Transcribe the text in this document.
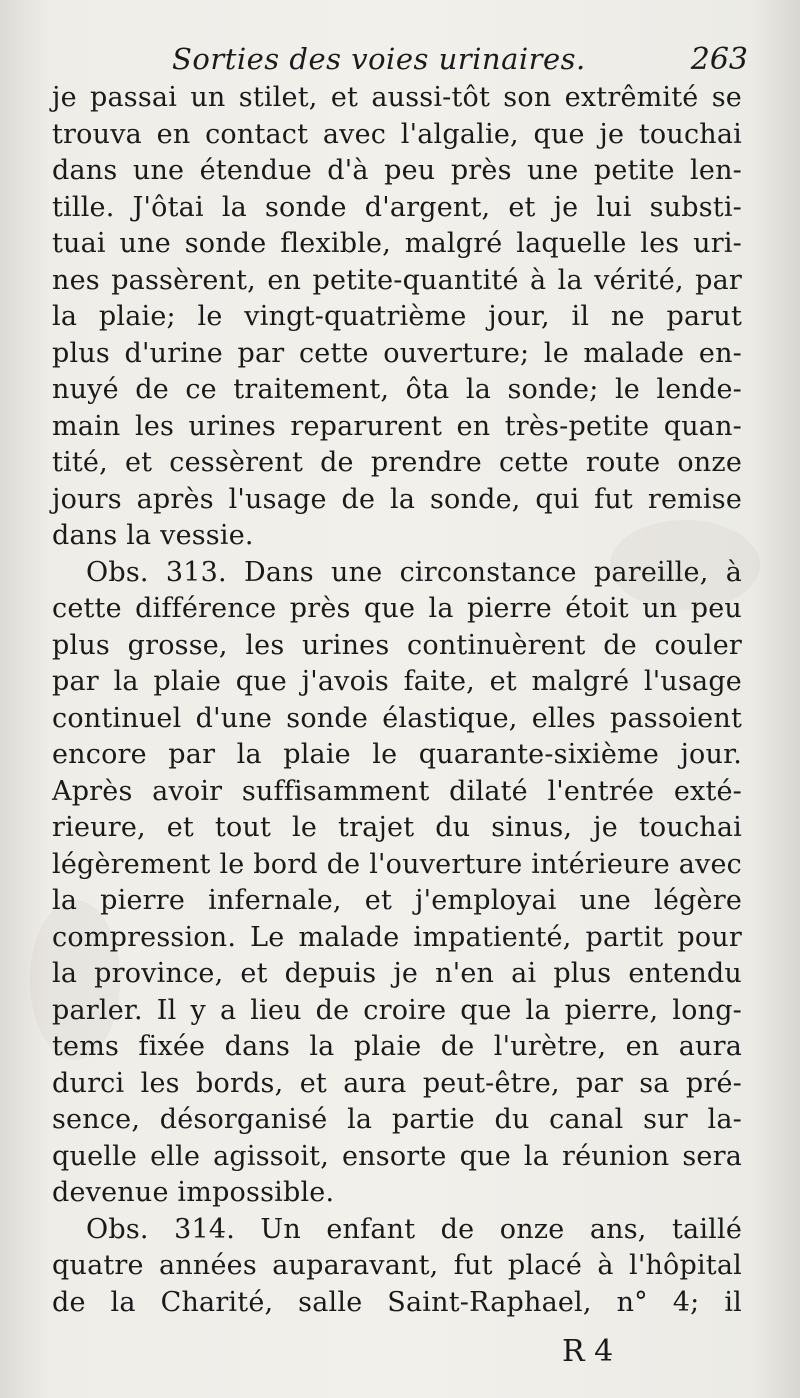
Sorties des voies urinaires.	263
je passai un stilet, et aussi-tôt son extrêmité se
trouva en contact avec l'algalie, que je touchai
dans une étendue d'à peu près une petite len-
tille. J'ôtai la sonde d'argent, et je lui substi-
tuai une sonde flexible, malgré laquelle les uri-
nes passèrent, en petite-quantité à la vérité, par
la plaie; le vingt-quatrième jour, il ne parut
plus d'urine par cette ouverture; le malade en-
nuyé de ce traitement, ôta la sonde; le lende-
main les urines reparurent en très-petite quan-
tité, et cessèrent de prendre cette route onze
jours après l'usage de la sonde, qui fut remise
dans la vessie.
Obs. 313. Dans une circonstance pareille, à
cette différence près que la pierre étoit un peu
plus grosse, les urines continuèrent de couler
par la plaie que j'avois faite, et malgré l'usage
continuel d'une sonde élastique, elles passoient
encore par la plaie le quarante-sixième jour.
Après avoir suffisamment dilaté l'entrée exté-
rieure, et tout le trajet du sinus, je touchai
légèrement le bord de l'ouverture intérieure avec
la pierre infernale, et j'employai une légère
compression. Le malade impatienté, partit pour
la province, et depuis je n'en ai plus entendu
parler. Il y a lieu de croire que la pierre, long-
tems fixée dans la plaie de l'urètre, en aura
durci les bords, et aura peut-être, par sa pré-
sence, désorganisé la partie du canal sur la-
quelle elle agissoit, ensorte que la réunion sera
devenue impossible.
Obs. 314. Un enfant de onze ans, taillé
quatre années auparavant, fut placé à l'hôpital
de la Charité, salle Saint-Raphael, n° 4; il
R 4
